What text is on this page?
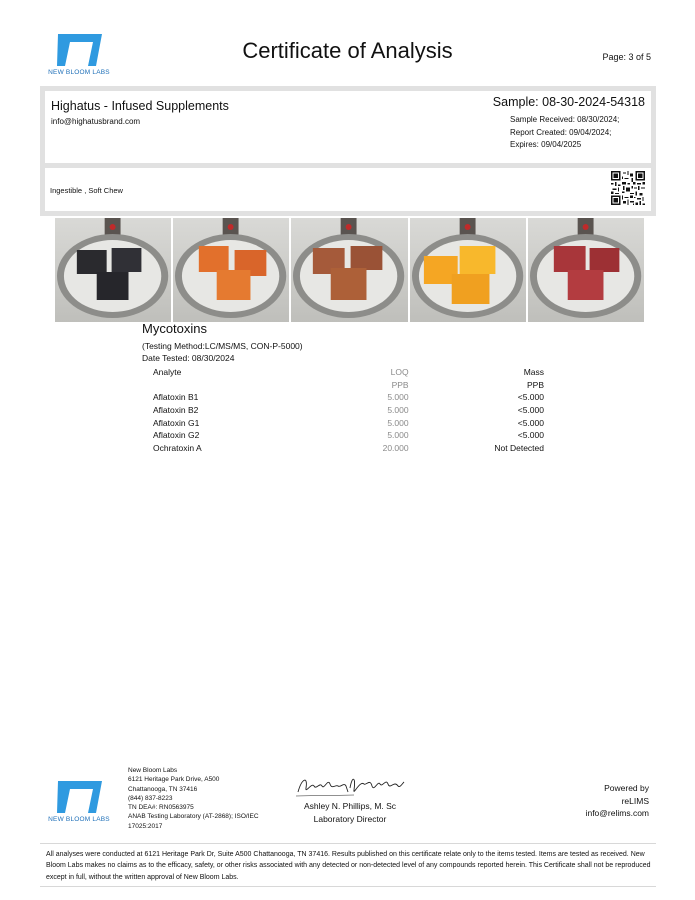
NEW BLOOM LABS
Certificate of Analysis	Page: 3 of 5
Highatus - Infused Supplements
info@highatusbrand.com
Sample: 08-30-2024-54318
Sample Received: 08/30/2024;
Report Created: 09/04/2024;
Expires: 09/04/2025
Ingestible , Soft Chew
Mycotoxins
(Testing Method:LC/MS/MS, CON-P-5000)
Date Tested: 08/30/2024
Analyte	LOQ	Mass
	PPB	PPB
Aflatoxin B1	5.000	<5.000
Aflatoxin B2	5.000	<5.000
Aflatoxin G1	5.000	<5.000
Aflatoxin G2	5.000	<5.000
Ochratoxin A	20.000	Not Detected
NEW BLOOM LABS
New Bloom Labs
6121 Heritage Park Drive, A500
Chattanooga, TN 37416
(844) 837-8223
TN DEA#: RN0563975
ANAB Testing Laboratory (AT-2868); ISO/IEC
17025:2017
Ashley N. Phillips, M. Sc
Laboratory Director
Powered by
reLIMS
info@relims.com
All analyses were conducted at 6121 Heritage Park Dr, Suite A500 Chattanooga, TN 37416. Results published on this certificate relate only to the items tested. Items are tested as received. New Bloom Labs makes no claims as to the efficacy, safety, or other risks associated with any detected or non-detected level of any compounds reported herein. This Certificate shall not be reproduced except in full, without the written approval of New Bloom Labs.
